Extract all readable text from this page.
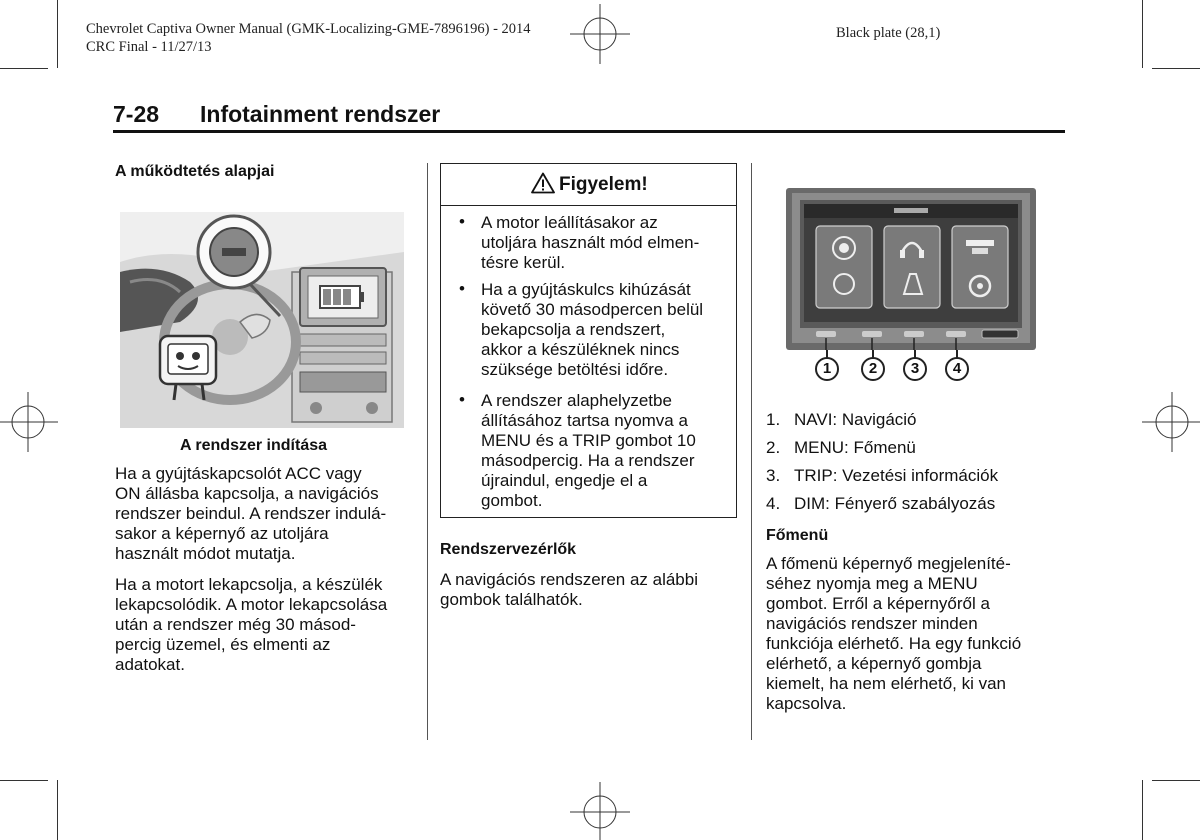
Chevrolet Captiva Owner Manual (GMK-Localizing-GME-7896196) - 2014
CRC Final - 11/27/13
Black plate (28,1)
7-28 Infotainment rendszer
A működtetés alapjai
A rendszer indítása
Ha a gyújtáskapcsolót ACC vagy
ON állásba kapcsolja, a navigációs
rendszer beindul. A rendszer indulá-
sakor a képernyő az utoljára
használt módot mutatja.
Ha a motort lekapcsolja, a készülék
lekapcsolódik. A motor lekapcsolása
után a rendszer még 30 másod-
percig üzemel, és elmenti az
adatokat.
Figyelem!
• A motor leállításakor az
utoljára használt mód elmen-
tésre kerül.
• Ha a gyújtáskulcs kihúzását
követő 30 másodpercen belül
bekapcsolja a rendszert,
akkor a készüléknek nincs
szüksége betöltési időre.
• A rendszer alaphelyzetbe
állításához tartsa nyomva a
MENU és a TRIP gombot 10
másodpercig. Ha a rendszer
újraindul, engedje el a
gombot.
Rendszervezérlők
A navigációs rendszeren az alábbi
gombok találhatók.
1	2	3	4
1. NAVI: Navigáció
2. MENU: Főmenü
3. TRIP: Vezetési információk
4. DIM: Fényerő szabályozás
Főmenü
A főmenü képernyő megjeleníté-
séhez nyomja meg a MENU
gombot. Erről a képernyőről a
navigációs rendszer minden
funkciója elérhető. Ha egy funkció
elérhető, a képernyő gombja
kiemelt, ha nem elérhető, ki van
kapcsolva.
